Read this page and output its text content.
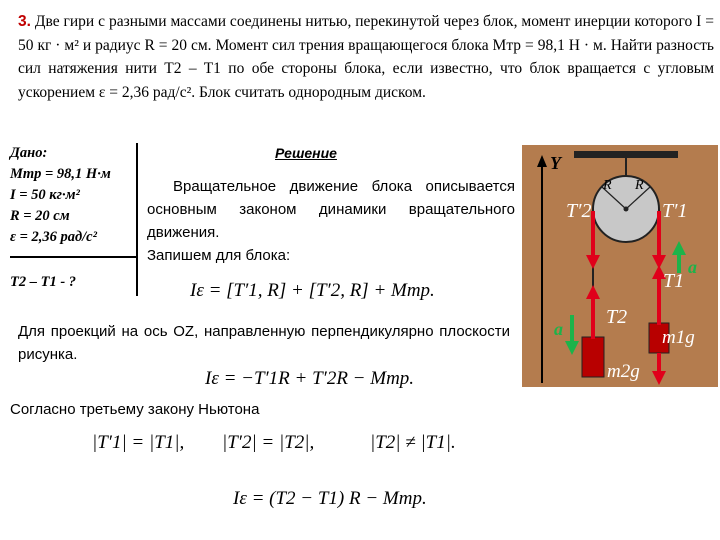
3. Две гири с разными массами соединены нитью, перекинутой через блок, момент инерции которого I = 50 кг · м² и радиус R = 20 см. Момент сил трения вращающегося блока Mтр = 98,1 Н · м. Найти разность сил натяжения нити T2 – T1 по обе стороны блока, если известно, что блок вращается с угловым ускорением ε = 2,36 рад/с². Блок считать однородным диском.
Дано:
Мтр = 98,1 Н·м
I = 50 кг·м²
R = 20 см
ε = 2,36 рад/с²
T2 – T1 - ?
Решение
Вращательное движение блока описывается основным законом динамики вращательного движения.
Запишем для блока:
Iε = [T′1, R] + [T′2, R] + Mтр.
Для проекций на ось OZ, направленную перпендикулярно плоскости рисунка.
Iε = −T′1R + T′2R − Mтр.
Согласно третьему закону Ньютона
|T′1| = |T1|, |T′2| = |T2|,	|T2| ≠ |T1|.
Iε = (T2 − T1) R − Mтр.
Y
R R
T′2	T′1
T1
m1g
a
T2
m2g
a
